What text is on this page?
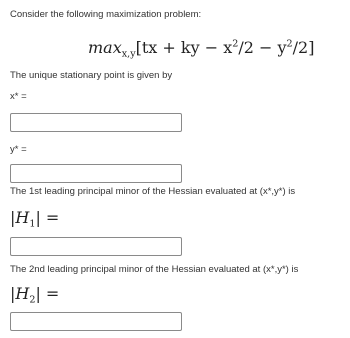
Consider the following maximization problem:
$\max_{x,y}[tx$ + ky − $x^2/2 - y^2/2$]
The unique stationary point is given by
x* =
y* =
The 1st leading principal minor of the Hessian evaluated at (x*,y*) is
$|H_1|$ =
The 2nd leading principal minor of the Hessian evaluated at (x*,y*) is
$|H_2|$ =
